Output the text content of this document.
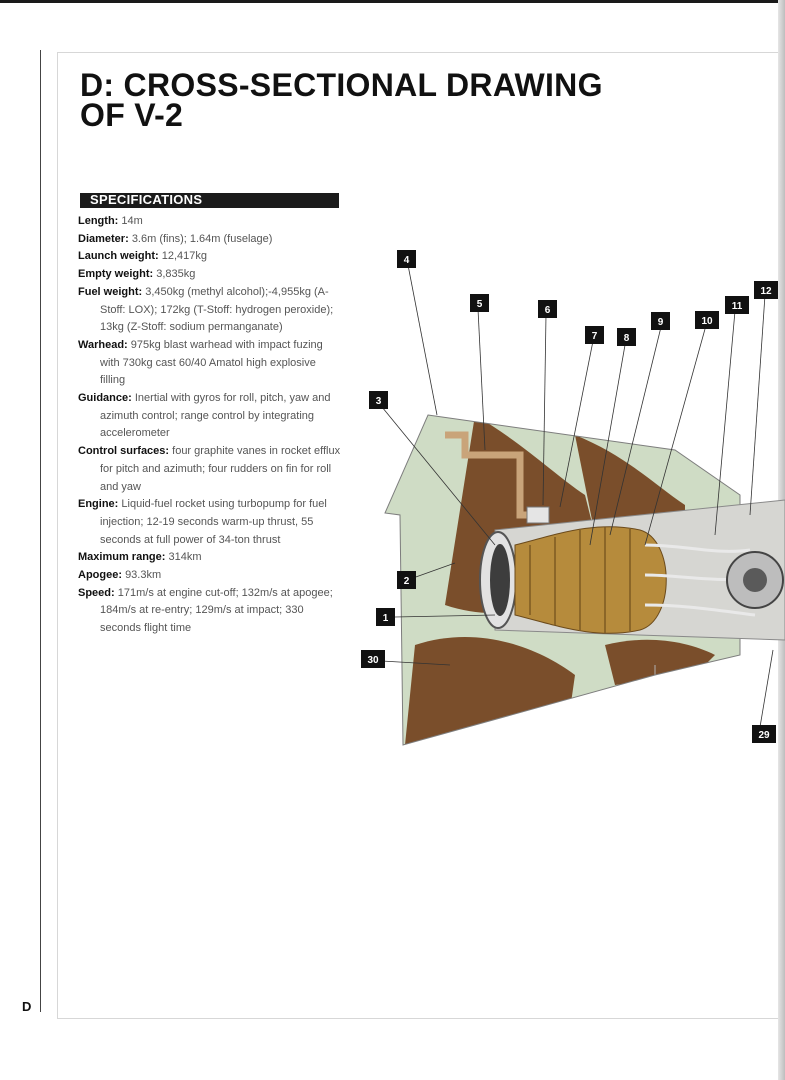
D: CROSS-SECTIONAL DRAWING
OF V-2
SPECIFICATIONS

Length: 14m

Diameter: 3.6m (fins); 1.64m (fuselage)

Launch weight: 12,417kg

Empty weight: 3,835kg

Fuel weight: 3,450kg (methyl alcohol);-4,955kg (A-Stoff: LOX); 172kg (T-Stoff: hydrogen peroxide); 13kg (Z-Stoff: sodium permanganate)

Warhead: 975kg blast warhead with impact fuzing with 730kg cast 60/40 Amatol high explosive filling

Guidance: Inertial with gyros for roll, pitch, yaw and azimuth control; range control by integrating accelerometer

Control surfaces: four graphite vanes in rocket efflux for pitch and azimuth; four rudders on fin for roll and yaw

Engine: Liquid-fuel rocket using turbopump for fuel injection; 12-19 seconds warm-up thrust, 55 seconds at full power of 34-ton thrust

Maximum range: 314km

Apogee: 93.3km

Speed: 171m/s at engine cut-off; 132m/s at apogee; 184m/s at re-entry; 129m/s at impact; 330 seconds flight time

4
5
6
7	8
9	10
11
12
3
2
1
30
29
D
